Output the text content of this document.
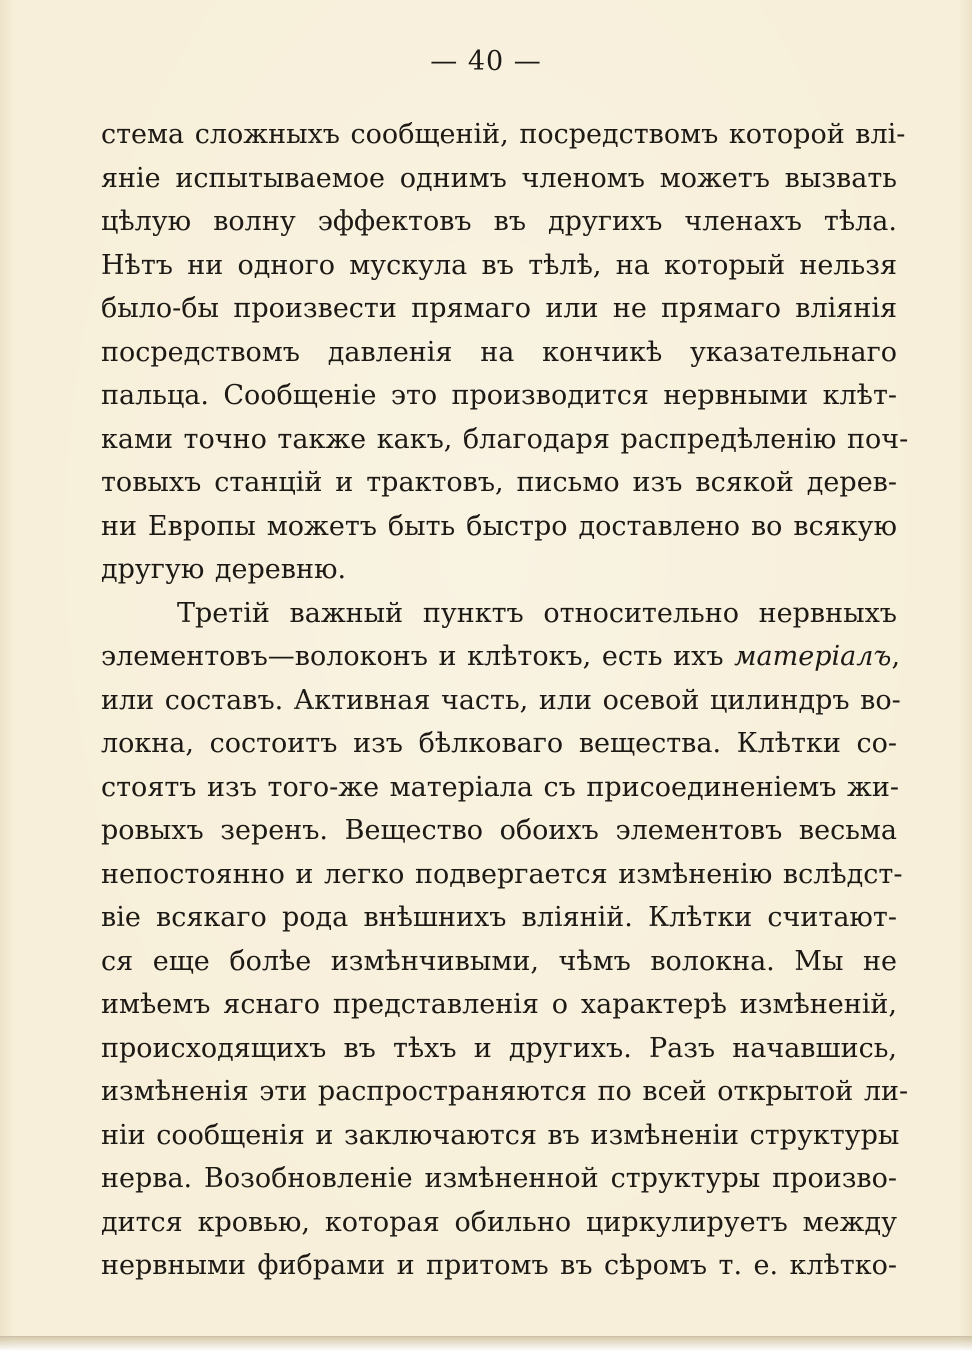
— 40 —
стема сложныхъ сообщеній, посредствомъ которой влі-
яніе испытываемое однимъ членомъ можетъ вызвать
цѣлую волну эффектовъ въ другихъ членахъ тѣла.
Нѣтъ ни одного мускула въ тѣлѣ, на который нельзя
было-бы произвести прямаго или не прямаго вліянія
посредствомъ давленія на кончикѣ указательнаго
пальца. Сообщеніе это производится нервными клѣт-
ками точно также какъ, благодаря распредѣленію поч-
товыхъ станцій и трактовъ, письмо изъ всякой дерев-
ни Европы можетъ быть быстро доставлено во всякую
другую деревню.
Третій важный пунктъ относительно нервныхъ
элементовъ—волоконъ и клѣтокъ, есть ихъ матеріалъ,
или составъ. Активная часть, или осевой цилиндръ во-
локна, состоитъ изъ бѣлковаго вещества. Клѣтки со-
стоятъ изъ того-же матеріала съ присоединеніемъ жи-
ровыхъ зеренъ. Вещество обоихъ элементовъ весьма
непостоянно и легко подвергается измѣненію вслѣдст-
віе всякаго рода внѣшнихъ вліяній. Клѣтки считают-
ся еще болѣе измѣнчивыми, чѣмъ волокна. Мы не
имѣемъ яснаго представленія о характерѣ измѣненій,
происходящихъ въ тѣхъ и другихъ. Разъ начавшись,
измѣненія эти распространяются по всей открытой ли-
ніи сообщенія и заключаются въ измѣненіи структуры
нерва. Возобновленіе измѣненной структуры произво-
дится кровью, которая обильно циркулируетъ между
нервными фибрами и притомъ въ сѣромъ т. е. клѣтко-
